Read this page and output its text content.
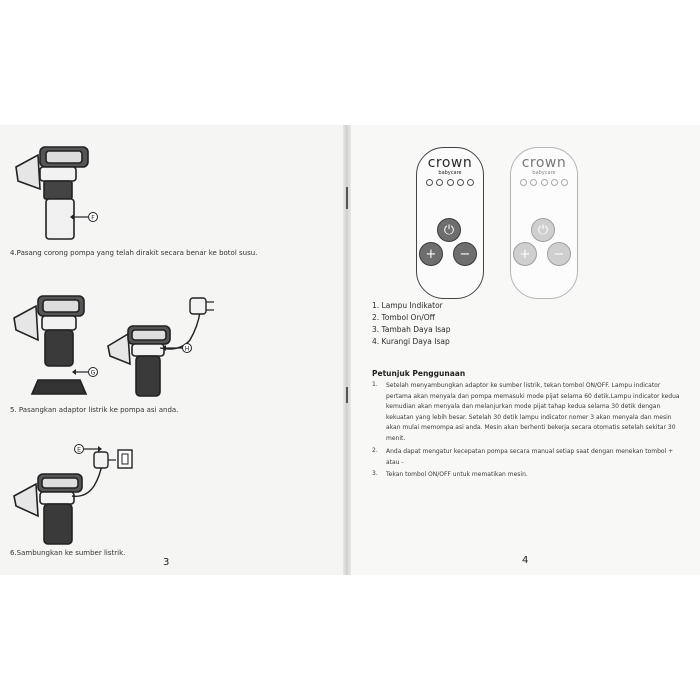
F
4.Pasang corong pompa yang telah dirakit secara benar ke botol susu.
G
H
5. Pasangkan adaptor listrik ke pompa asi anda.
E
6.Sambungkan ke sumber listrik.
3
crown
babycare
⏻
+	−
crown
babycare
⏻
+	−
1. Lampu Indikator
2. Tombol On/Off
3. Tambah Daya Isap
4. Kurangi Daya Isap
Petunjuk Penggunaan
1. Setelah menyambungkan adaptor ke sumber listrik, tekan tombol ON/OFF. Lampu indicator pertama akan menyala dan pompa memasuki mode pijat selama 60 detik.Lampu indicator kedua kemudian akan menyala dan melanjurkan mode pijat tahap kedua selama 30 detik dengan kekuatan yang lebih besar. Setelah 30 detik lampu indicator nomer 3 akan menyala dan mesin akan mulai memompa asi anda. Mesin akan berhenti bekerja secara otomatis setelah sekitar 30 menit.
2. Anda dapat mengatur kecepatan pompa secara manual setiap saat dengan menekan tombol + atau -
3. Tekan tombol ON/OFF untuk mematikan mesin.
4
